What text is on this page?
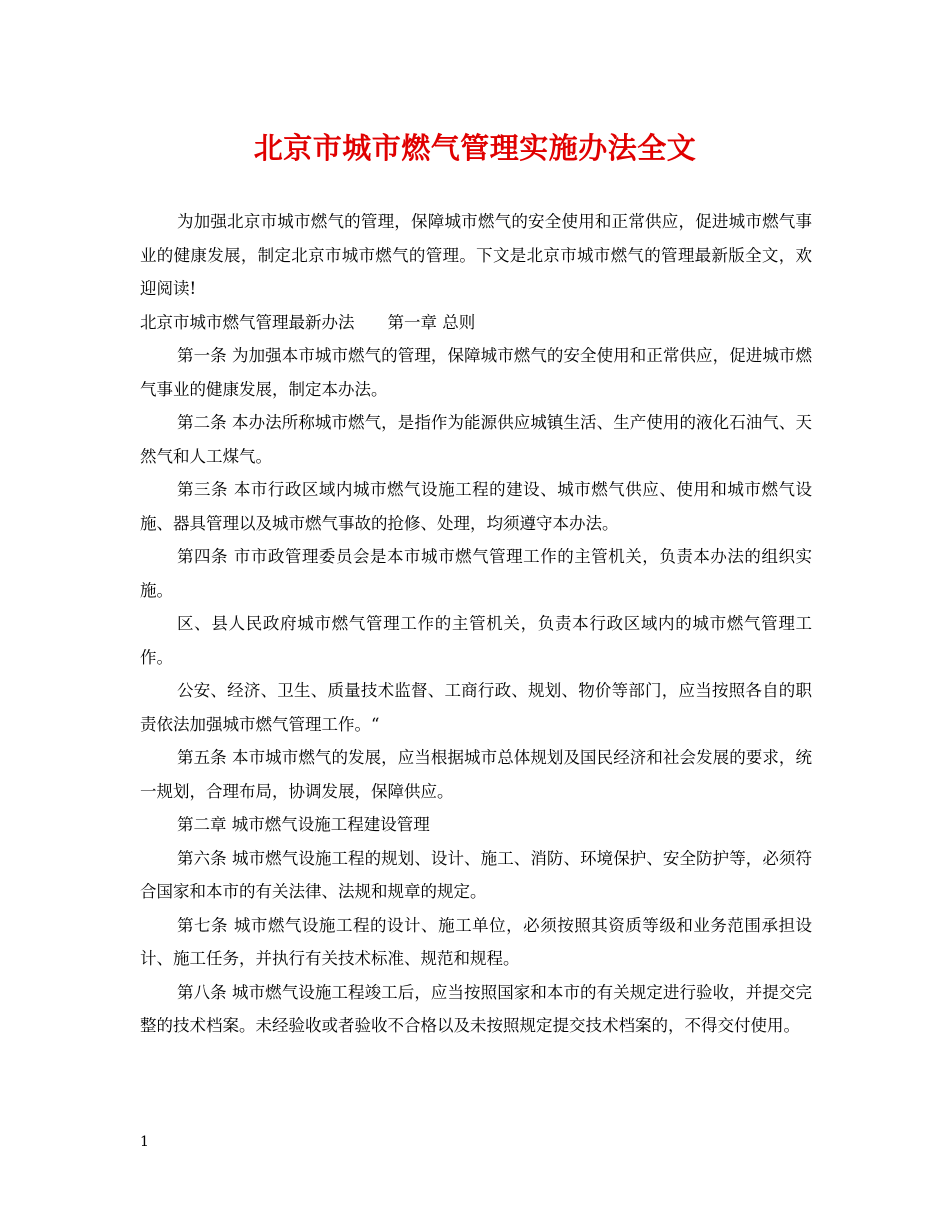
北京市城市燃气管理实施办法全文

为加强北京市城市燃气的管理，保障城市燃气的安全使用和正常供应，促进城市燃气事业的健康发展，制定北京市城市燃气的管理。下文是北京市城市燃气的管理最新版全文，欢迎阅读!

北京市城市燃气管理最新办法　　第一章 总则

第一条 为加强本市城市燃气的管理，保障城市燃气的安全使用和正常供应，促进城市燃气事业的健康发展，制定本办法。

第二条 本办法所称城市燃气，是指作为能源供应城镇生活、生产使用的液化石油气、天然气和人工煤气。

第三条 本市行政区域内城市燃气设施工程的建设、城市燃气供应、使用和城市燃气设施、器具管理以及城市燃气事故的抢修、处理，均须遵守本办法。

第四条 市市政管理委员会是本市城市燃气管理工作的主管机关，负责本办法的组织实施。

区、县人民政府城市燃气管理工作的主管机关，负责本行政区域内的城市燃气管理工作。

公安、经济、卫生、质量技术监督、工商行政、规划、物价等部门，应当按照各自的职责依法加强城市燃气管理工作。“

第五条 本市城市燃气的发展，应当根据城市总体规划及国民经济和社会发展的要求，统一规划，合理布局，协调发展，保障供应。

第二章 城市燃气设施工程建设管理

第六条 城市燃气设施工程的规划、设计、施工、消防、环境保护、安全防护等，必须符合国家和本市的有关法律、法规和规章的规定。

第七条 城市燃气设施工程的设计、施工单位，必须按照其资质等级和业务范围承担设计、施工任务，并执行有关技术标准、规范和规程。

第八条 城市燃气设施工程竣工后，应当按照国家和本市的有关规定进行验收，并提交完整的技术档案。未经验收或者验收不合格以及未按照规定提交技术档案的，不得交付使用。

1
